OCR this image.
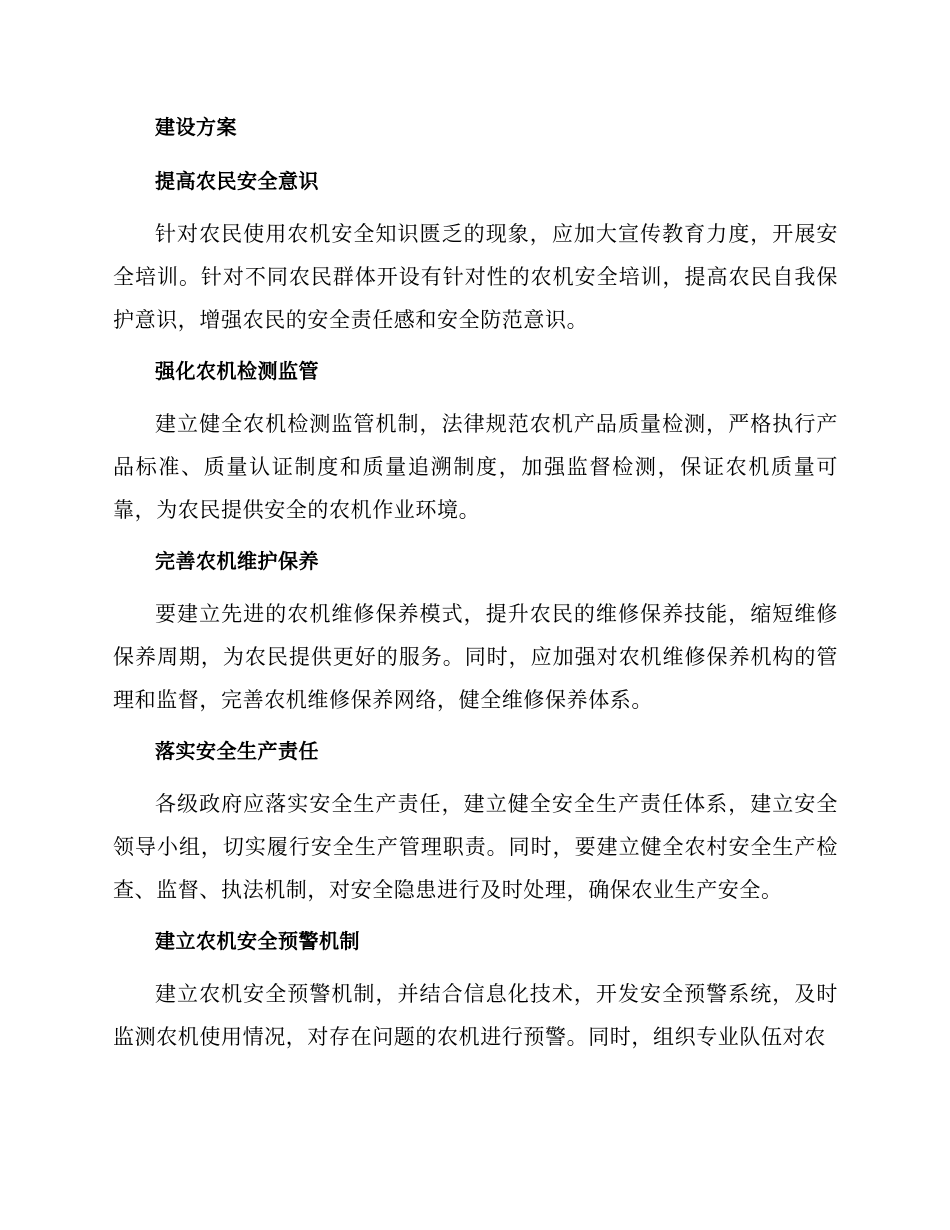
建设方案
提高农民安全意识

针对农民使用农机安全知识匮乏的现象，应加大宣传教育力度，开展安全培训。针对不同农民群体开设有针对性的农机安全培训，提高农民自我保护意识，增强农民的安全责任感和安全防范意识。

强化农机检测监管

建立健全农机检测监管机制，法律规范农机产品质量检测，严格执行产品标准、质量认证制度和质量追溯制度，加强监督检测，保证农机质量可靠，为农民提供安全的农机作业环境。

完善农机维护保养

要建立先进的农机维修保养模式，提升农民的维修保养技能，缩短维修保养周期，为农民提供更好的服务。同时，应加强对农机维修保养机构的管理和监督，完善农机维修保养网络，健全维修保养体系。

落实安全生产责任

各级政府应落实安全生产责任，建立健全安全生产责任体系，建立安全领导小组，切实履行安全生产管理职责。同时，要建立健全农村安全生产检查、监督、执法机制，对安全隐患进行及时处理，确保农业生产安全。

建立农机安全预警机制

建立农机安全预警机制，并结合信息化技术，开发安全预警系统，及时监测农机使用情况，对存在问题的农机进行预警。同时，组织专业队伍对农
